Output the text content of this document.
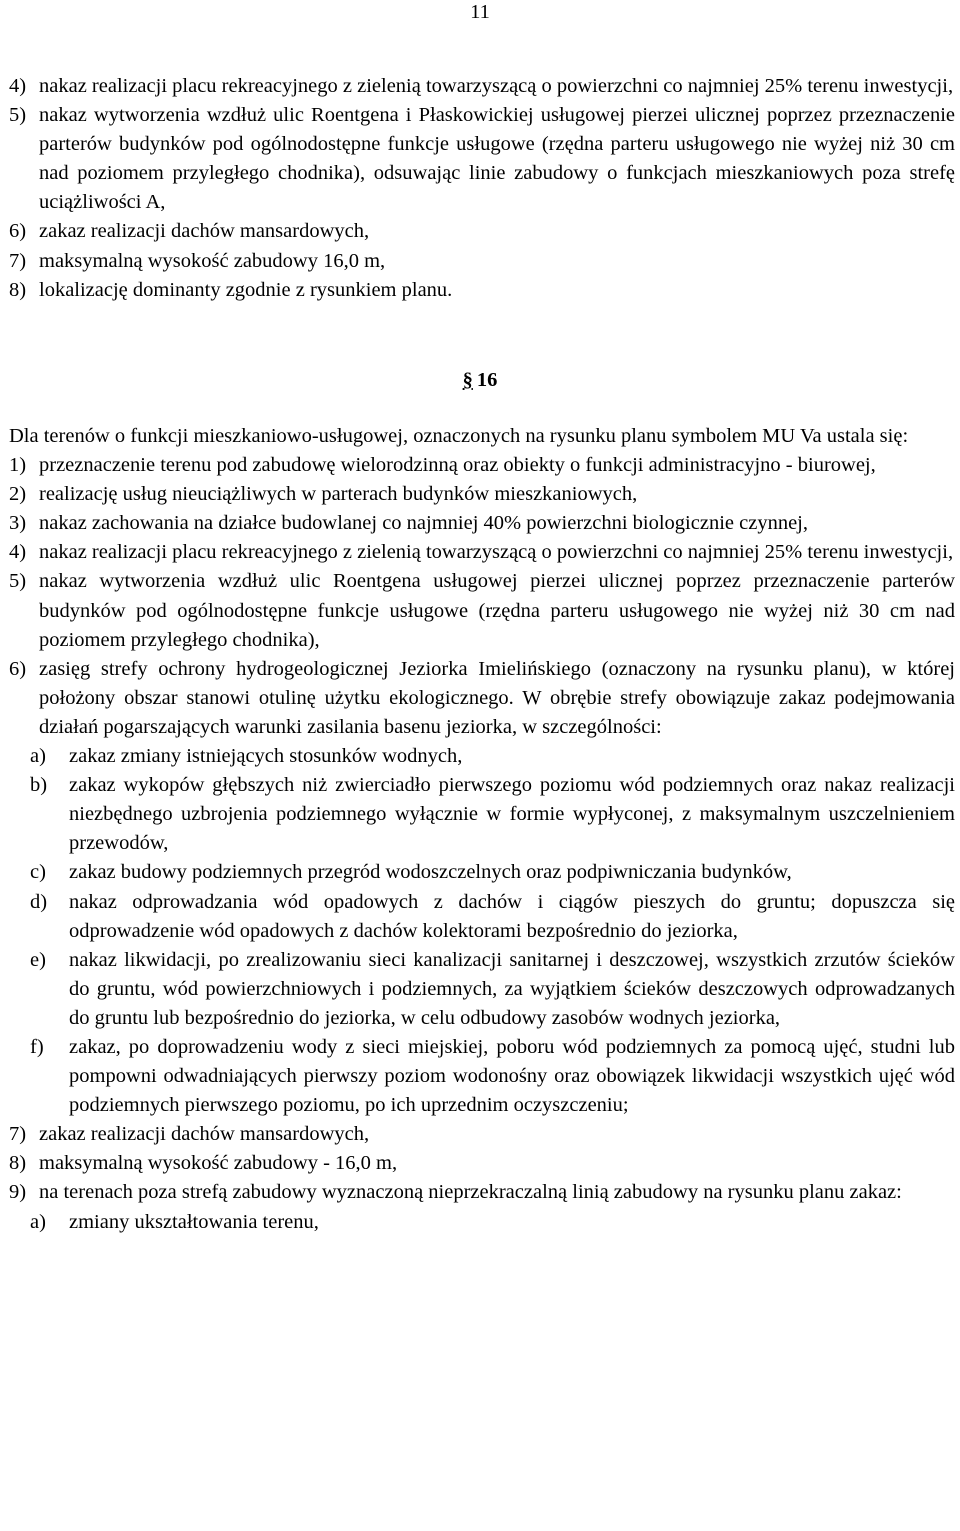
11
4) nakaz realizacji placu rekreacyjnego z zielenią towarzyszącą o powierzchni co najmniej 25% terenu inwestycji,
5) nakaz wytworzenia wzdłuż ulic Roentgena i Płaskowickiej usługowej pierzei ulicznej poprzez przeznaczenie parterów budynków pod ogólnodostępne funkcje usługowe (rzędna parteru usługowego nie wyżej niż 30 cm nad poziomem przyległego chodnika), odsuwając linie zabudowy o funkcjach mieszkaniowych poza strefę uciążliwości A,
6) zakaz realizacji dachów mansardowych,
7) maksymalną wysokość zabudowy 16,0 m,
8) lokalizację dominanty zgodnie z rysunkiem planu.
§ 16
Dla terenów o funkcji mieszkaniowo-usługowej, oznaczonych na rysunku planu symbolem MU Va ustala się:
1) przeznaczenie terenu pod zabudowę wielorodzinną oraz obiekty o funkcji administracyjno - biurowej,
2) realizację usług nieuciążliwych w parterach budynków mieszkaniowych,
3) nakaz zachowania na działce budowlanej co najmniej 40% powierzchni biologicznie czynnej,
4) nakaz realizacji placu rekreacyjnego z zielenią towarzyszącą o powierzchni co najmniej 25% terenu inwestycji,
5) nakaz wytworzenia wzdłuż ulic Roentgena usługowej pierzei ulicznej poprzez przeznaczenie parterów budynków pod ogólnodostępne funkcje usługowe (rzędna parteru usługowego nie wyżej niż 30 cm nad poziomem przyległego chodnika),
6) zasięg strefy ochrony hydrogeologicznej Jeziorka Imielińskiego (oznaczony na rysunku planu), w której położony obszar stanowi otulinę użytku ekologicznego. W obrębie strefy obowiązuje zakaz podejmowania działań pogarszających warunki zasilania basenu jeziorka, w szczególności:
a) zakaz zmiany istniejących stosunków wodnych,
b) zakaz wykopów głębszych niż zwierciadło pierwszego poziomu wód podziemnych oraz nakaz realizacji niezbędnego uzbrojenia podziemnego wyłącznie w formie wypłyconej, z maksymalnym uszczelnieniem przewodów,
c) zakaz budowy podziemnych przegród wodoszczelnych oraz podpiwniczania budynków,
d) nakaz odprowadzania wód opadowych z dachów i ciągów pieszych do gruntu; dopuszcza się odprowadzenie wód opadowych z dachów kolektorami bezpośrednio do jeziorka,
e) nakaz likwidacji, po zrealizowaniu sieci kanalizacji sanitarnej i deszczowej, wszystkich zrzutów ścieków do gruntu, wód powierzchniowych i podziemnych, za wyjątkiem ścieków deszczowych odprowadzanych do gruntu lub bezpośrednio do jeziorka, w celu odbudowy zasobów wodnych jeziorka,
f) zakaz, po doprowadzeniu wody z sieci miejskiej, poboru wód podziemnych za pomocą ujęć, studni lub pompowni odwadniających pierwszy poziom wodonośny oraz obowiązek likwidacji wszystkich ujęć wód podziemnych pierwszego poziomu, po ich uprzednim oczyszczeniu;
7) zakaz realizacji dachów mansardowych,
8) maksymalną wysokość zabudowy - 16,0 m,
9) na terenach poza strefą zabudowy wyznaczoną nieprzekraczalną linią zabudowy na rysunku planu zakaz:
a) zmiany ukształtowania terenu,
